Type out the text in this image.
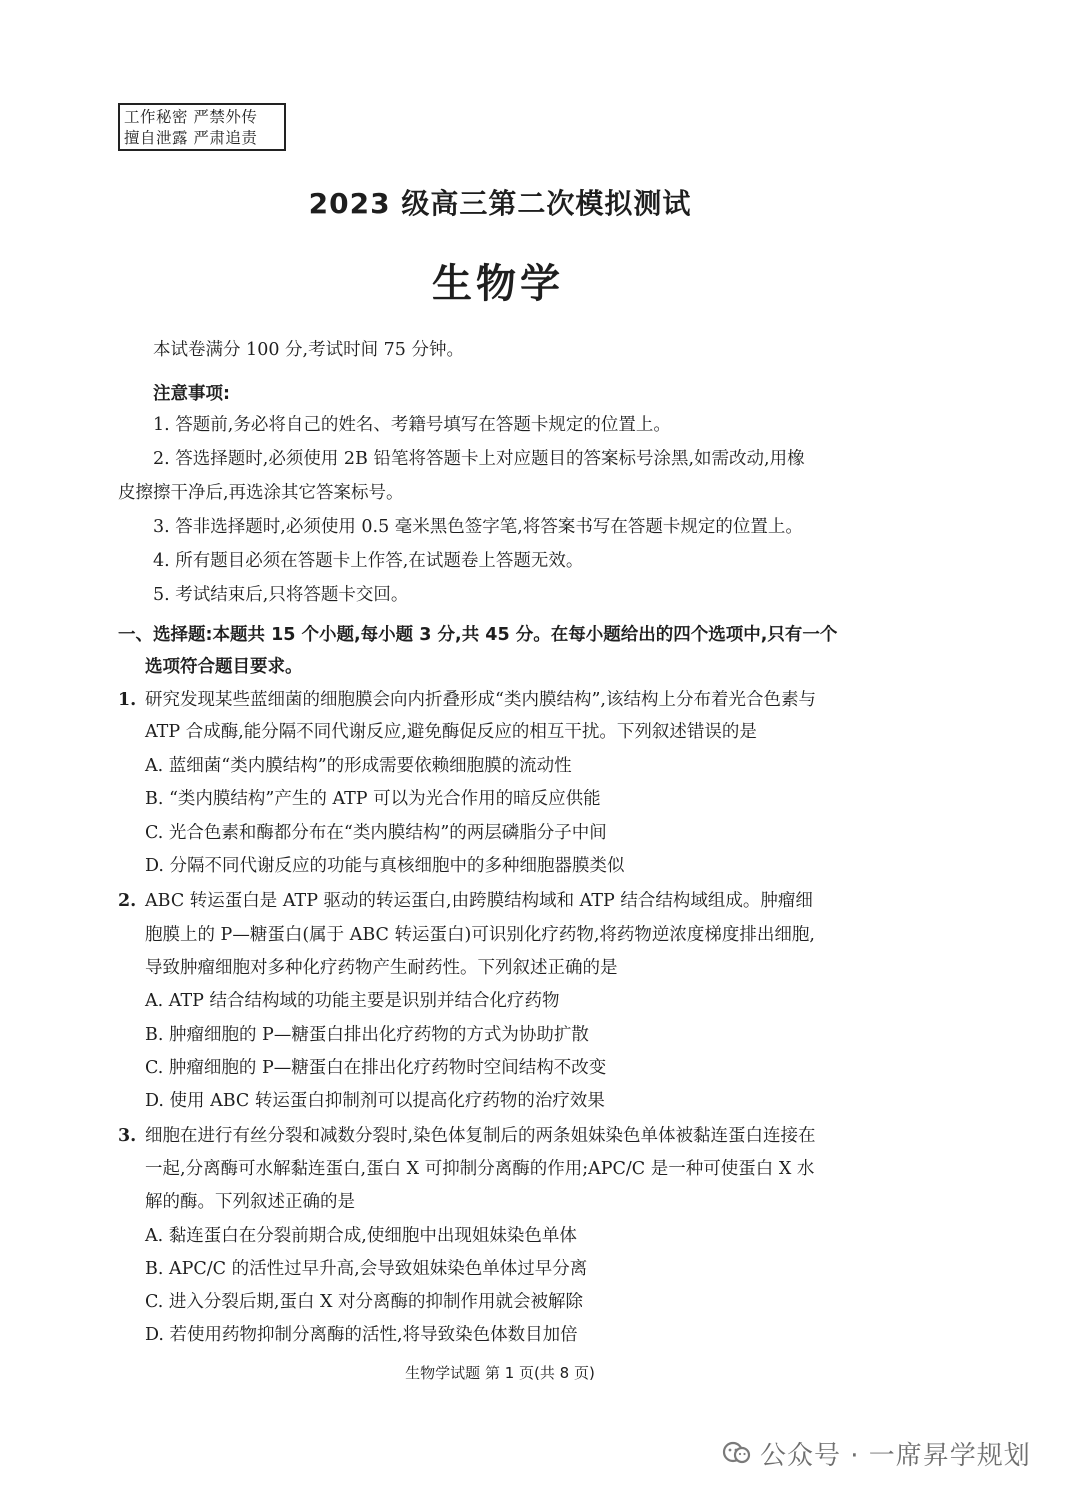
工作秘密 严禁外传
擅自泄露 严肃追责
2023 级高三第二次模拟测试
生物学
本试卷满分 100 分,考试时间 75 分钟。
注意事项:
1. 答题前,务必将自己的姓名、考籍号填写在答题卡规定的位置上。
2. 答选择题时,必须使用 2B 铅笔将答题卡上对应题目的答案标号涂黑,如需改动,用橡
皮擦擦干净后,再选涂其它答案标号。
3. 答非选择题时,必须使用 0.5 毫米黑色签字笔,将答案书写在答题卡规定的位置上。
4. 所有题目必须在答题卡上作答,在试题卷上答题无效。
5. 考试结束后,只将答题卡交回。
一、选择题:本题共 15 个小题,每小题 3 分,共 45 分。在每小题给出的四个选项中,只有一个
选项符合题目要求。
1. 研究发现某些蓝细菌的细胞膜会向内折叠形成“类内膜结构”,该结构上分布着光合色素与
ATP 合成酶,能分隔不同代谢反应,避免酶促反应的相互干扰。下列叙述错误的是
A. 蓝细菌“类内膜结构”的形成需要依赖细胞膜的流动性
B. “类内膜结构”产生的 ATP 可以为光合作用的暗反应供能
C. 光合色素和酶都分布在“类内膜结构”的两层磷脂分子中间
D. 分隔不同代谢反应的功能与真核细胞中的多种细胞器膜类似
2. ABC 转运蛋白是 ATP 驱动的转运蛋白,由跨膜结构域和 ATP 结合结构域组成。肿瘤细
胞膜上的 P—糖蛋白(属于 ABC 转运蛋白)可识别化疗药物,将药物逆浓度梯度排出细胞,
导致肿瘤细胞对多种化疗药物产生耐药性。下列叙述正确的是
A. ATP 结合结构域的功能主要是识别并结合化疗药物
B. 肿瘤细胞的 P—糖蛋白排出化疗药物的方式为协助扩散
C. 肿瘤细胞的 P—糖蛋白在排出化疗药物时空间结构不改变
D. 使用 ABC 转运蛋白抑制剂可以提高化疗药物的治疗效果
3. 细胞在进行有丝分裂和减数分裂时,染色体复制后的两条姐妹染色单体被黏连蛋白连接在
一起,分离酶可水解黏连蛋白,蛋白 X 可抑制分离酶的作用;APC/C 是一种可使蛋白 X 水
解的酶。下列叙述正确的是
A. 黏连蛋白在分裂前期合成,使细胞中出现姐妹染色单体
B. APC/C 的活性过早升高,会导致姐妹染色单体过早分离
C. 进入分裂后期,蛋白 X 对分离酶的抑制作用就会被解除
D. 若使用药物抑制分离酶的活性,将导致染色体数目加倍
生物学试题 第 1 页(共 8 页)
公众号 · 一席昇学规划
